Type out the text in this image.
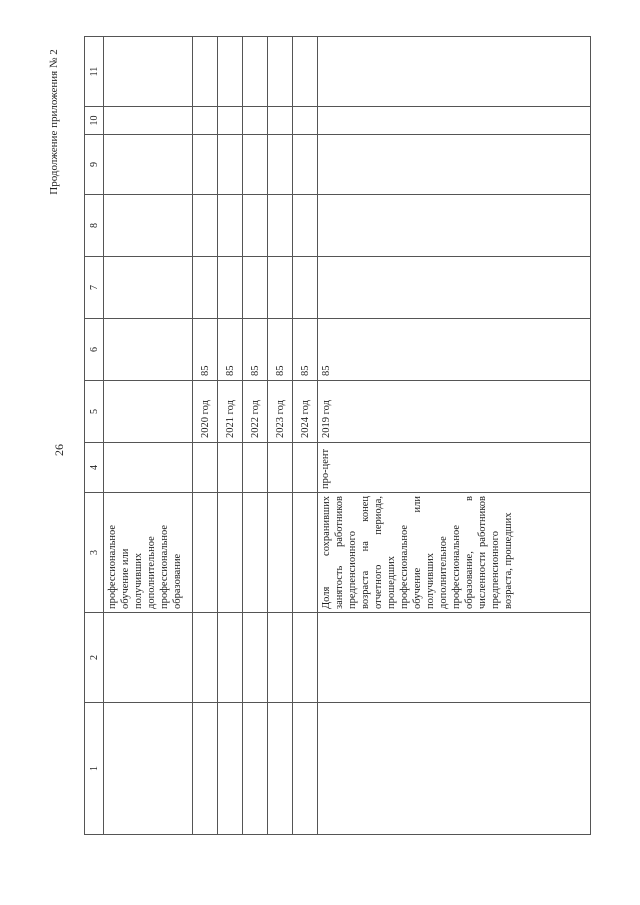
26
Продолжение приложения № 2
1	2	3	4	5	6	7	8	9	10	11
		профессиональное обучение или получивших дополнительное профессиональное образование								
				2020 год	85					
				2021 год	85					
				2022 год	85					
				2023 год	85					
				2024 год	85					
		Доля сохранивших занятость работников предпенсионного возраста на конец отчетного периода, прошедших профессиональное обучение или получивших дополнительное профессиональное образование, в численности работников предпенсионного возраста, прошедших	про-цент	2019 год	85					
